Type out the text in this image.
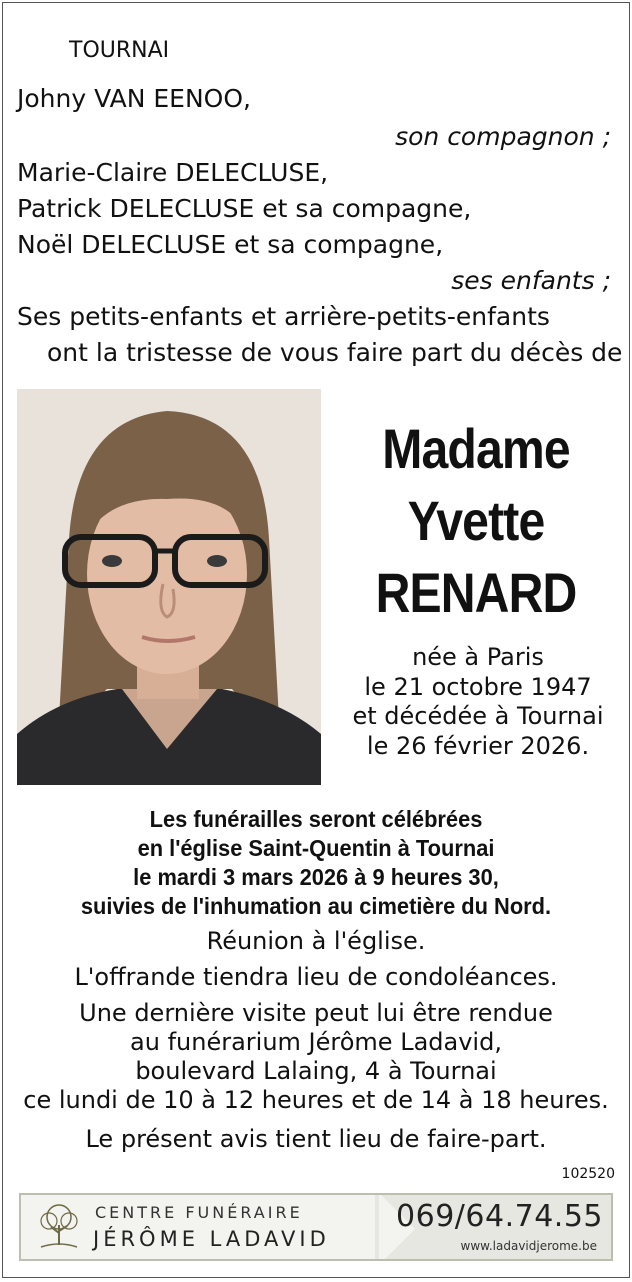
TOURNAI
Johny VAN EENOO,
son compagnon ;
Marie-Claire DELECLUSE,
Patrick DELECLUSE et sa compagne,
Noël DELECLUSE et sa compagne,
ses enfants ;
Ses petits-enfants et arrière-petits-enfants
ont la tristesse de vous faire part du décès de
Madame
Yvette
RENARD
née à Paris
le 21 octobre 1947
et décédée à Tournai
le 26 février 2026.
Les funérailles seront célébrées
en l'église Saint-Quentin à Tournai
le mardi 3 mars 2026 à 9 heures 30,
suivies de l'inhumation au cimetière du Nord.
Réunion à l'église.
L'offrande tiendra lieu de condoléances.
Une dernière visite peut lui être rendue
au funérarium Jérôme Ladavid,
boulevard Lalaing, 4 à Tournai
ce lundi de 10 à 12 heures et de 14 à 18 heures.
Le présent avis tient lieu de faire-part.
102520
CENTRE FUNÉRAIRE
JÉRÔME LADAVID
069/64.74.55
www.ladavidjerome.be
